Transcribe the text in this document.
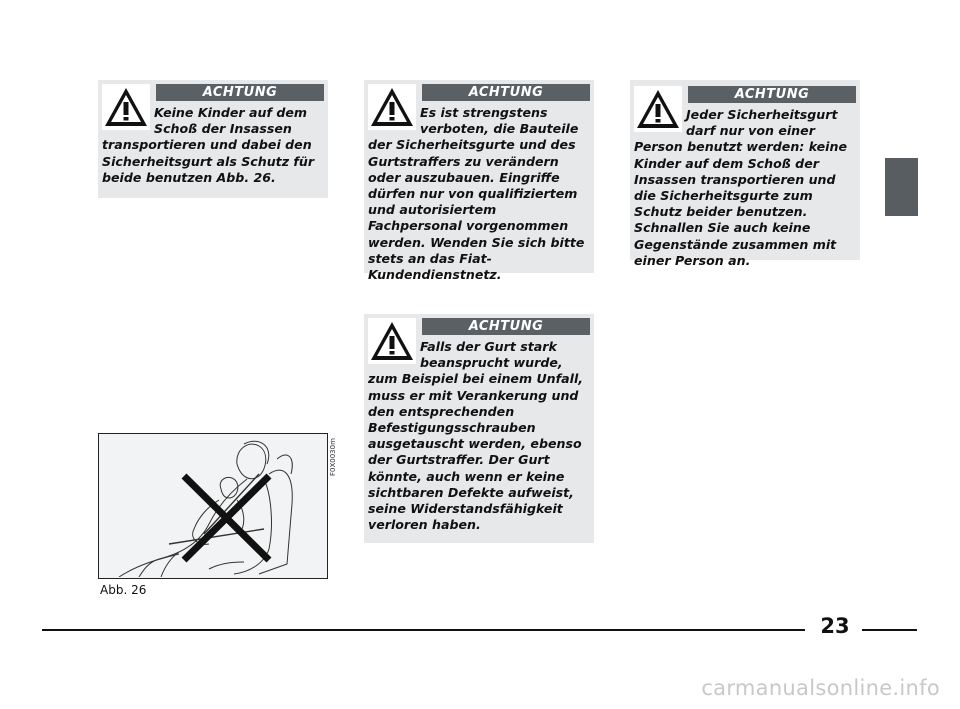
ACHTUNG

Keine Kinder auf dem Schoß der Insassen transportieren und dabei den Sicherheitsgurt als Schutz für beide benutzen Abb. 26.

ACHTUNG

Es ist strengstens verboten, die Bauteile der Sicherheitsgurte und des Gurtstraffers zu verändern oder auszubauen. Eingriffe dürfen nur von qualifiziertem und autorisiertem Fachpersonal vorgenommen werden. Wenden Sie sich bitte stets an das Fiat-Kundendienstnetz.

ACHTUNG

Jeder Sicherheitsgurt darf nur von einer Person benutzt werden: keine Kinder auf dem Schoß der Insassen transportieren und die Sicherheitsgurte zum Schutz beider benutzen. Schnallen Sie auch keine Gegenstände zusammen mit einer Person an.

ACHTUNG

Falls der Gurt stark beansprucht wurde, zum Beispiel bei einem Unfall, muss er mit Verankerung und den entsprechenden Befestigungsschrauben ausgetauscht werden, ebenso der Gurtstraffer. Der Gurt könnte, auch wenn er keine sichtbaren Defekte aufweist, seine Widerstandsfähigkeit verloren haben.

F0X0030m
Abb. 26
23
carmanualsonline.info
